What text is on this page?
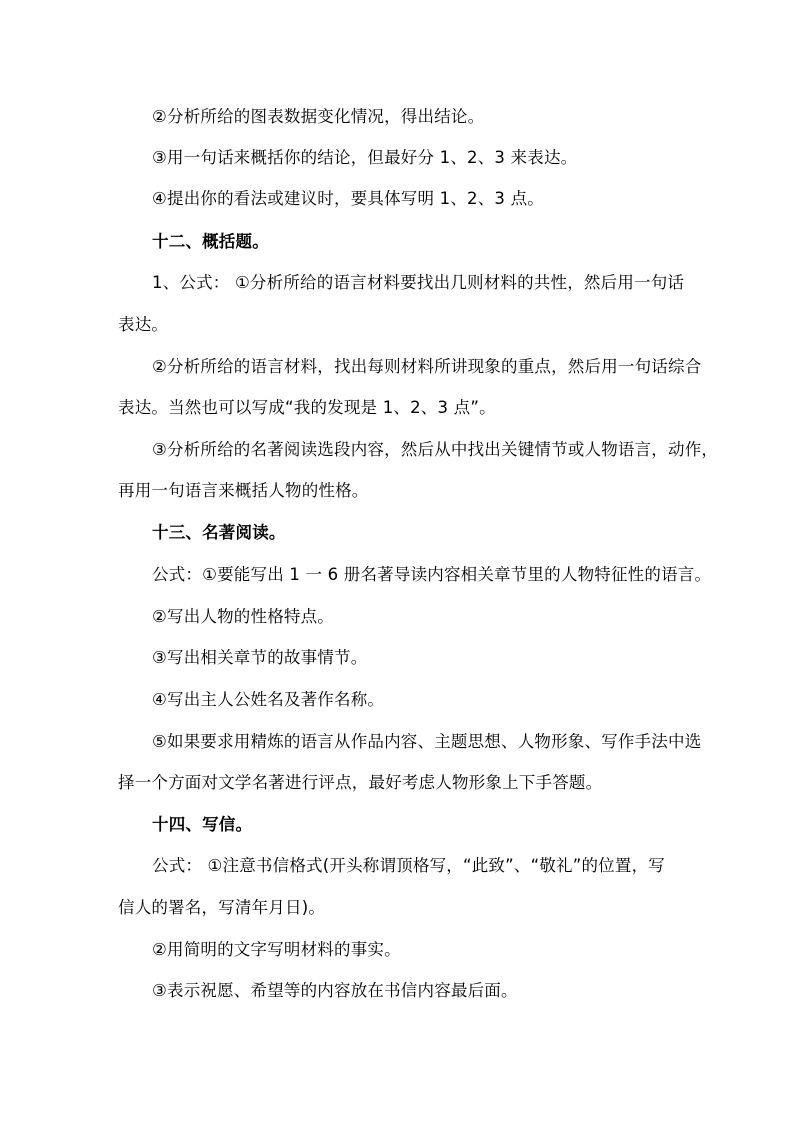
②分析所给的图表数据变化情况，得出结论。
③用一句话来概括你的结论，但最好分 1、2、3 来表达。
④提出你的看法或建议时，要具体写明 1、2、3 点。
十二、概括题。
1、公式： ①分析所给的语言材料要找出几则材料的共性，然后用一句话
表达。
②分析所给的语言材料，找出每则材料所讲现象的重点，然后用一句话综合
表达。当然也可以写成“我的发现是 1、2、3 点”。
③分析所给的名著阅读选段内容，然后从中找出关键情节或人物语言，动作，
再用一句语言来概括人物的性格。
十三、名著阅读。
公式：①要能写出 1 一 6 册名著导读内容相关章节里的人物特征性的语言。
②写出人物的性格特点。
③写出相关章节的故事情节。
④写出主人公姓名及著作名称。
⑤如果要求用精炼的语言从作品内容、主题思想、人物形象、写作手法中选
择一个方面对文学名著进行评点，最好考虑人物形象上下手答题。
十四、写信。
公式： ①注意书信格式(开头称谓顶格写，“此致”、“敬礼”的位置，写
信人的署名，写清年月日)。
②用简明的文字写明材料的事实。
③表示祝愿、希望等的内容放在书信内容最后面。
